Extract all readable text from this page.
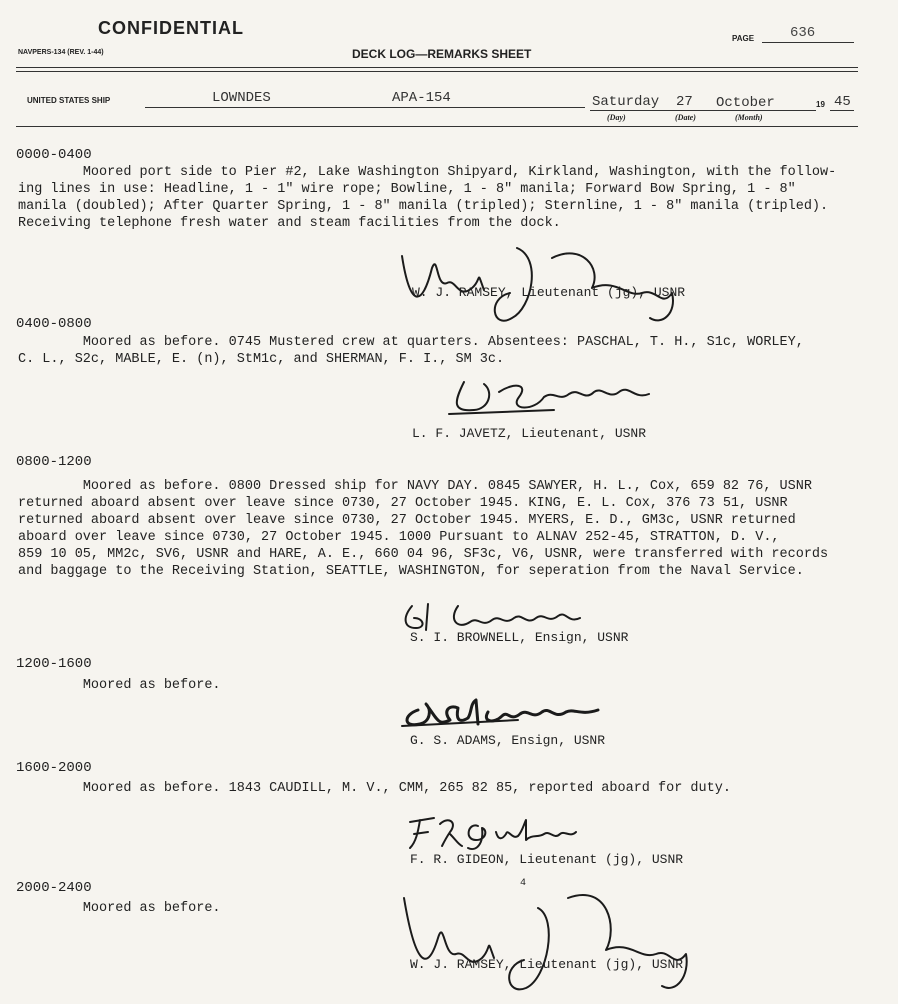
CONFIDENTIAL
NAVPERS-134 (REV. 1-44)	DECK LOG—REMARKS SHEET
PAGE	636
UNITED STATES SHIP	LOWNDES	APA-154	Saturday 27 October	19 45
(Day)	(Date)	(Month)
0000-0400
Moored port side to Pier #2, Lake Washington Shipyard, Kirkland, Washington, with the follow-
ing lines in use: Headline, 1 - 1" wire rope; Bowline, 1 - 8" manila; Forward Bow Spring, 1 - 8"
manila (doubled); After Quarter Spring, 1 - 8" manila (tripled); Sternline, 1 - 8" manila (tripled).
Receiving telephone fresh water and steam facilities from the dock.
W. J. RAMSEY, Lieutenant (jg), USNR
0400-0800
Moored as before. 0745 Mustered crew at quarters. Absentees: PASCHAL, T. H., S1c, WORLEY,
C. L., S2c, MABLE, E. (n), StM1c, and SHERMAN, F. I., SM 3c.
L. F. JAVETZ, Lieutenant, USNR
0800-1200
Moored as before. 0800 Dressed ship for NAVY DAY. 0845 SAWYER, H. L., Cox, 659 82 76, USNR
returned aboard absent over leave since 0730, 27 October 1945. KING, E. L. Cox, 376 73 51, USNR
returned aboard absent over leave since 0730, 27 October 1945. MYERS, E. D., GM3c, USNR returned
aboard over leave since 0730, 27 October 1945. 1000 Pursuant to ALNAV 252-45, STRATTON, D. V.,
859 10 05, MM2c, SV6, USNR and HARE, A. E., 660 04 96, SF3c, V6, USNR, were transferred with records
and baggage to the Receiving Station, SEATTLE, WASHINGTON, for seperation from the Naval Service.
S. I. BROWNELL, Ensign, USNR
1200-1600
Moored as before.
G. S. ADAMS, Ensign, USNR
1600-2000
Moored as before. 1843 CAUDILL, M. V., CMM, 265 82 85, reported aboard for duty.
F. R. GIDEON, Lieutenant (jg), USNR
2000-2400
Moored as before.
4
W. J. RAMSEY, Lieutenant (jg), USNR
